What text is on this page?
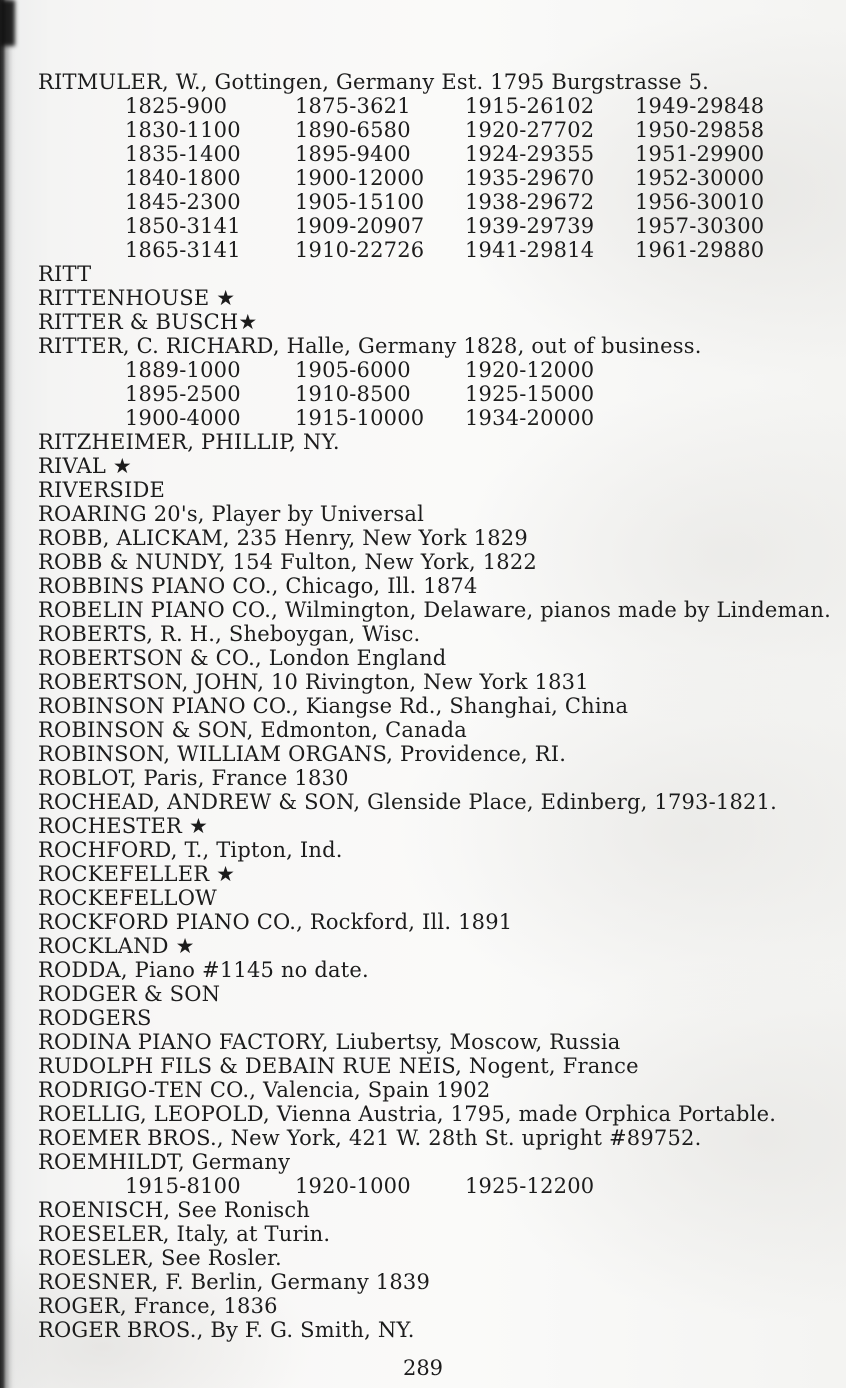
RITMULER, W., Gottingen, Germany Est. 1795 Burgstrasse 5.
1825-900	1875-3621	1915-26102 1949-29848
1830-1100	1890-6580	1920-27702 1950-29858
1835-1400	1895-9400	1924-29355 1951-29900
1840-1800	1900-12000 1935-29670 1952-30000
1845-2300	1905-15100 1938-29672 1956-30010
1850-3141	1909-20907 1939-29739 1957-30300
1865-3141	1910-22726 1941-29814 1961-29880
RITT
RITTENHOUSE ★
RITTER & BUSCH★
RITTER, C. RICHARD, Halle, Germany 1828, out of business.
1889-1000	1905-6000	1920-12000
1895-2500	1910-8500	1925-15000
1900-4000	1915-10000 1934-20000
RITZHEIMER, PHILLIP, NY.
RIVAL ★
RIVERSIDE
ROARING 20's, Player by Universal
ROBB, ALICKAM, 235 Henry, New York 1829
ROBB & NUNDY, 154 Fulton, New York, 1822
ROBBINS PIANO CO., Chicago, Ill. 1874
ROBELIN PIANO CO., Wilmington, Delaware, pianos made by Lindeman.
ROBERTS, R. H., Sheboygan, Wisc.
ROBERTSON & CO., London England
ROBERTSON, JOHN, 10 Rivington, New York 1831
ROBINSON PIANO CO., Kiangse Rd., Shanghai, China
ROBINSON & SON, Edmonton, Canada
ROBINSON, WILLIAM ORGANS, Providence, RI.
ROBLOT, Paris, France 1830
ROCHEAD, ANDREW & SON, Glenside Place, Edinberg, 1793-1821.
ROCHESTER ★
ROCHFORD, T., Tipton, Ind.
ROCKEFELLER ★
ROCKEFELLOW
ROCKFORD PIANO CO., Rockford, Ill. 1891
ROCKLAND ★
RODDA, Piano #1145 no date.
RODGER & SON
RODGERS
RODINA PIANO FACTORY, Liubertsy, Moscow, Russia
RUDOLPH FILS & DEBAIN RUE NEIS, Nogent, France
RODRIGO-TEN CO., Valencia, Spain 1902
ROELLIG, LEOPOLD, Vienna Austria, 1795, made Orphica Portable.
ROEMER BROS., New York, 421 W. 28th St. upright #89752.
ROEMHILDT, Germany
1915-8100	1920-1000	1925-12200
ROENISCH, See Ronisch
ROESELER, Italy, at Turin.
ROESLER, See Rosler.
ROESNER, F. Berlin, Germany 1839
ROGER, France, 1836
ROGER BROS., By F. G. Smith, NY.
289
